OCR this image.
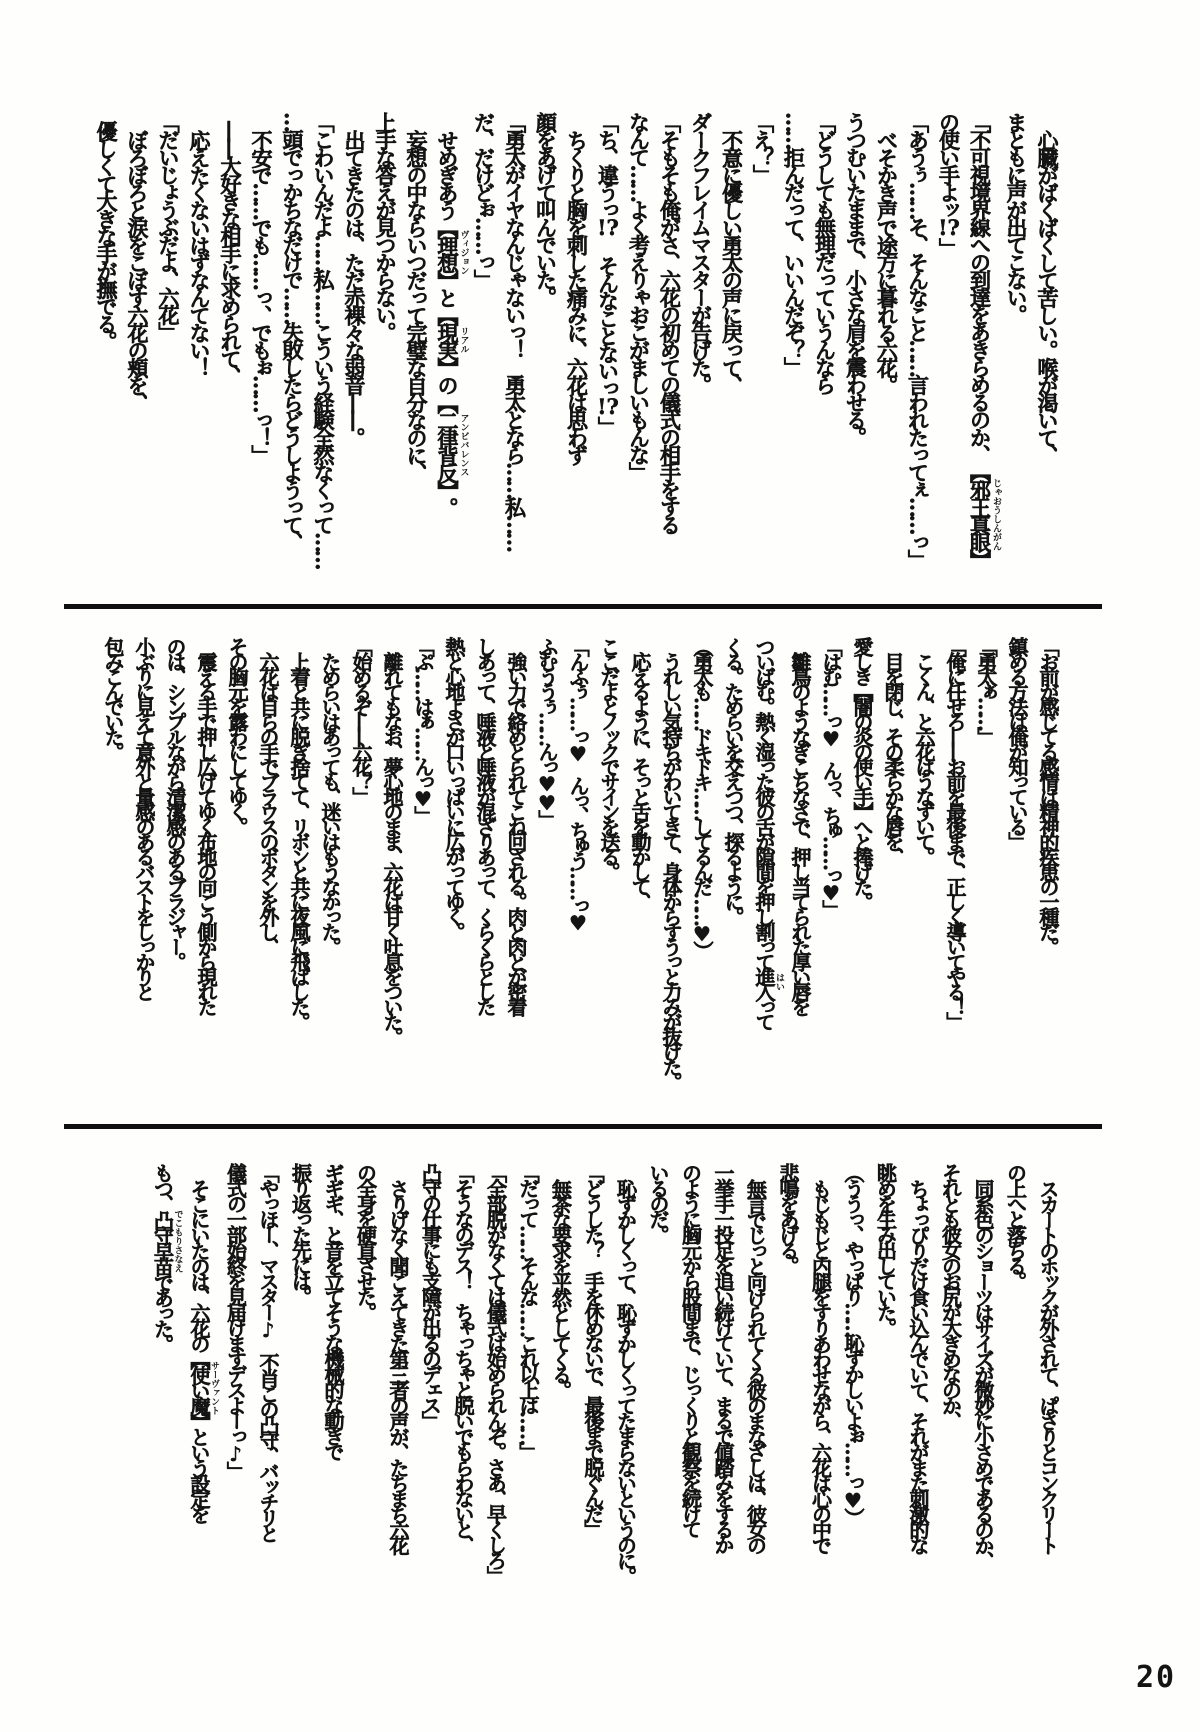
心臓がばくばくして苦しい。喉が渇いて、

まともに声が出てこない。

「不可視境界線への到達をあきらめるのか、【邪王真眼】じゃおうしんがん

の使い手よッ!?」

「あうぅ……そ、そんなこと……言われたってぇ……っ」

べそかき声で途方に暮れる六花。

うつむいたままで、小さな肩を震わせる。

「どうしても無理だっていうんなら

……拒んだって、いいんだぞ？」

「え？」

不意に優しい勇太の声に戻って、

ダークフレイムマスターが告げた。

「そもそも俺がさ、六花の初めての儀式の相手をする

なんて……よく考えりゃおこがましいもんな」

「ち、違うっ!?　そんなことないっ!?」

ちくりと胸を刺した痛みに、六花は思わず

顔をあげて叫んでいた。

「勇太がイヤなんじゃないっ！　勇太となら……私……

だ、だけどぉ……っ」

せめぎあう【理想】ヴィジョンと【現実】リアルの【二律背反】アンビバレンス。

妄想の中ならいつだって完璧な自分なのに、

上手な答えが見つからない。

出てきたのは、ただ赤裸々な弱音――。

「こわいんだよ……私……こういう経験全然なくって……

…頭でっかちなだけで……失敗したらどうしようって、

不安で……でも……っ、でもぉ……っ！」

――大好きな相手に求められて、

応えたくないはずなんてない！

「だいじょうぶだよ、六花」

ぼろぼろと涙をこぼす六花の頬を、

優しくて大きな手が撫でる。

「お前が感じてる感情は精神的疾患の一種だ。

鎮める方法は俺が知っている」

「勇太ぁ……」

「俺に任せろ――お前を最後まで、正しく導いてやる！」

こくん、と六花はうなずいて。

目を閉じ、その柔らかな唇を、

愛しき【闇の炎の使い手】へと捧げた。

「はむ……っ♥　んっ、ちゅ……っ♥」

雛鳥のようなぎこちなさで、押し当てられた厚い唇を

ついばむ。熱く湿った彼の舌が隙間を押し割って進入はいって

くる。ためらいを交えつつ、探るように。

（勇太も……ドキドキ……してるんだ……♥）

うれしい気持ちがわいてきて、身体からすうっと力みが抜けた。

応えるように、そっと舌を動かして、

ここだよとノックでサインを送る。

「んふぅ……っ♥　んっ、ちゅう……っ♥

ふむううぅ……んっ♥♥」

強い力で絡めとられてこね回される。肉と肉とが密着

しあって、唾液と唾液が混ざりあって、くらくらとした

熱と心地よさが口いっぱいに広がってゆく。

「ぷ……はぁ……んっ♥」

離れてもなお、夢心地のまま、六花は甘く吐息をついた。

「始めるぞ――六花？」

ためらいはあっても、迷いはもうなかった。

上着と共に脱ぎ捨てて、リボンと共に夜風に飛ばした。

六花は自らの手でブラウスのボタンを外し、

その胸元を露わにしてゆく。

震える手で押し広げてゆく布地の向こう側から現れた

のは、シンプルながら清潔感のあるブラジャー。

小ぶりに見えて意外と量感のあるバストをしっかりと

包みこんでいた。

スカートのホックが外されて、ぱさりとコンクリート

の上へと落ちる。

同系色のショーツはサイズが微妙に小さめであるのか、

それとも彼女のお尻が大きめなのか、

ちょっぴりだけ食い込んでいて、それがまた刺激的な

眺めを生み出していた。

（ううっ、やっぱり……恥ずかしいよぉ……っ♥）

もじもじと内腿をすりあわせながら、六花は心の中で

悲鳴をあげる。

無言でじっと向けられてくる彼のまなざしは、彼女の

一挙手一投足を追い続けていて、まるで値踏みをするか

のように胸元から股間まで、じっくりと観察を続けて

いるのだ。

恥ずかしくって、恥ずかしくってたまらないというのに。

「どうした？　手を休めないで、最後まで脱ぐんだ」

無茶な要求を平然としてくる。

「だって……そんな……これ以上は……」

「全部脱がなくては儀式は始められんぞ。さあ、早くしろ」

「そうなのデス！　ちゃっちゃと脱いでもらわないと、

凸守の仕事にも支障が出るのデェス」

さりげなく聞こえてきた第三者の声が、たちまち六花

の全身を硬直させた。

ギギギ、と音を立てそうな機械的な動きで

振り返った先には。

「やっほー、マスター♪　不肖この凸守、バッチリと

儀式の一部始終を見届けますデスよーっ♪」

そこにいたのは、六花の【使い魔】サーヴァントという設定を

もつ、凸守早苗でこもりさなえであった。

20
